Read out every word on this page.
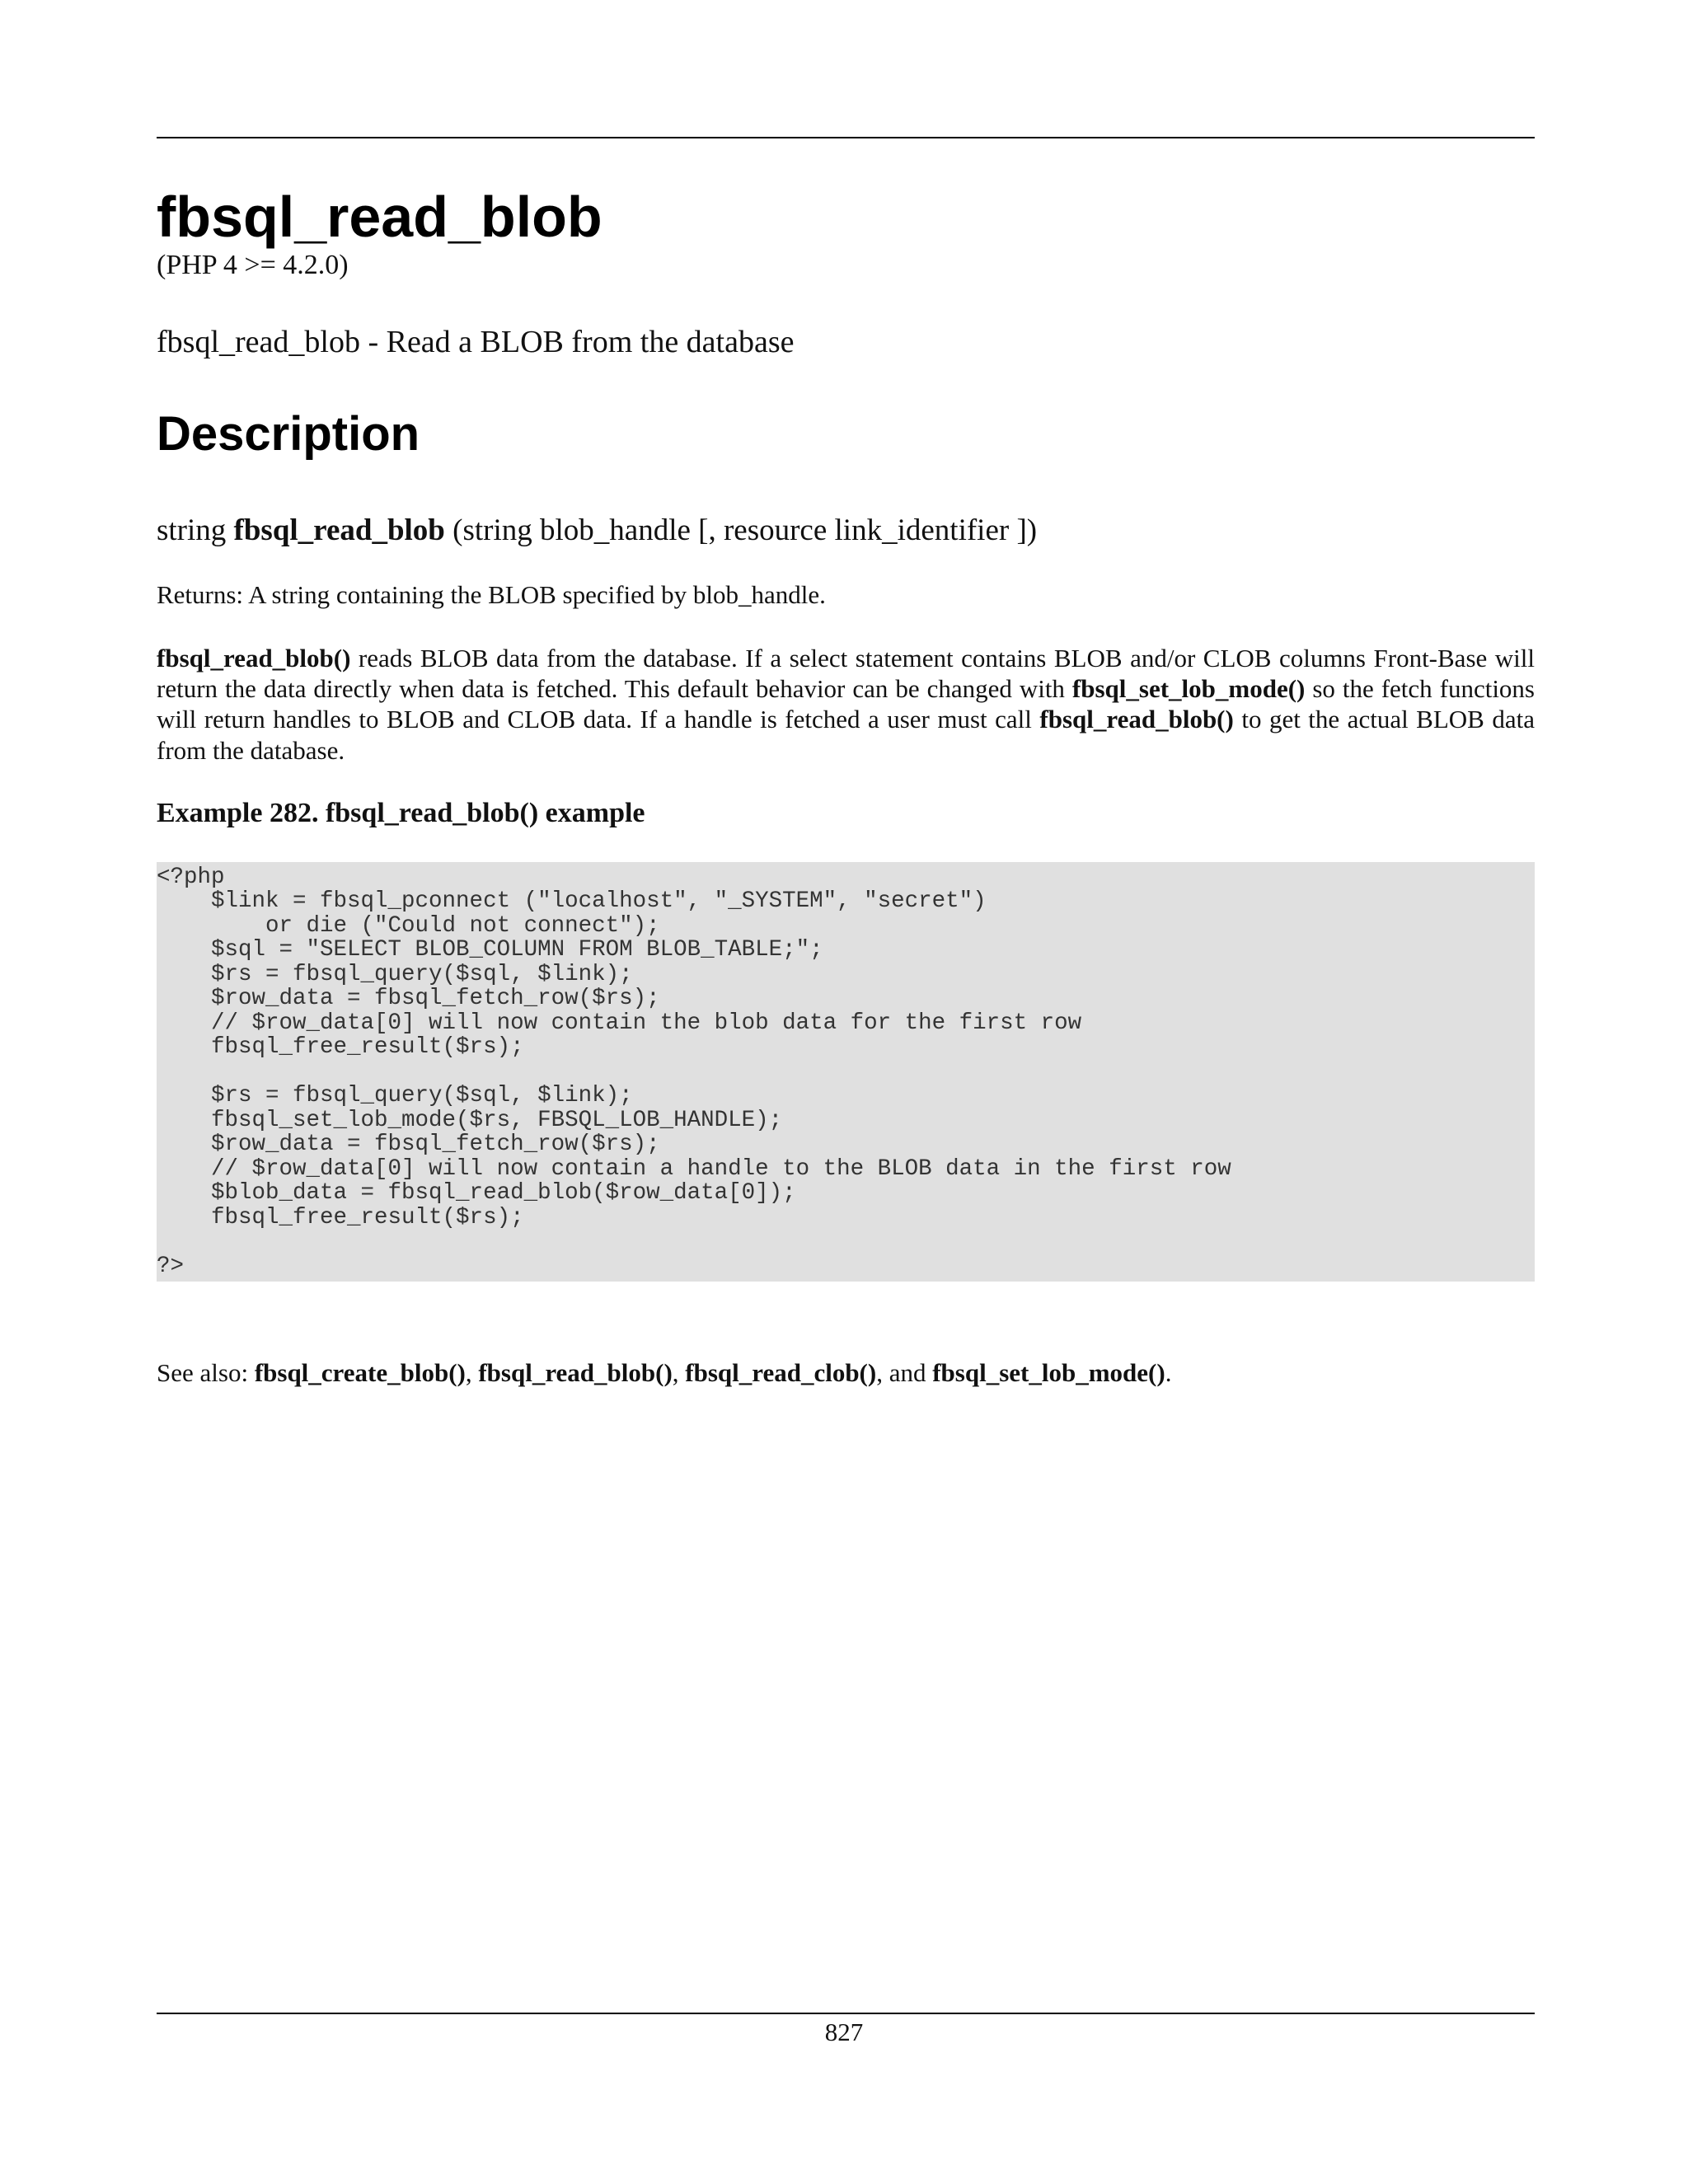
fbsql_read_blob
(PHP 4 >= 4.2.0)
fbsql_read_blob - Read a BLOB from the database
Description
string fbsql_read_blob (string blob_handle [, resource link_identifier ])
Returns: A string containing the BLOB specified by blob_handle.
fbsql_read_blob() reads BLOB data from the database. If a select statement contains BLOB and/or CLOB columns Front-Base will return the data directly when data is fetched. This default behavior can be changed with fbsql_set_lob_mode() so the fetch functions will return handles to BLOB and CLOB data. If a handle is fetched a user must call fbsql_read_blob() to get the actual BLOB data from the database.
Example 282. fbsql_read_blob() example
<?php
$link = fbsql_pconnect ("localhost", "_SYSTEM", "secret")
or die ("Could not connect");
$sql = "SELECT BLOB_COLUMN FROM BLOB_TABLE;";
$rs = fbsql_query($sql, $link);
$row_data = fbsql_fetch_row($rs);
// $row_data[0] will now contain the blob data for the first row
fbsql_free_result($rs);

$rs = fbsql_query($sql, $link);
fbsql_set_lob_mode($rs, FBSQL_LOB_HANDLE);
$row_data = fbsql_fetch_row($rs);
// $row_data[0] will now contain a handle to the BLOB data in the first row
$blob_data = fbsql_read_blob($row_data[0]);
fbsql_free_result($rs);

?>
See also: fbsql_create_blob(), fbsql_read_blob(), fbsql_read_clob(), and fbsql_set_lob_mode().
827
